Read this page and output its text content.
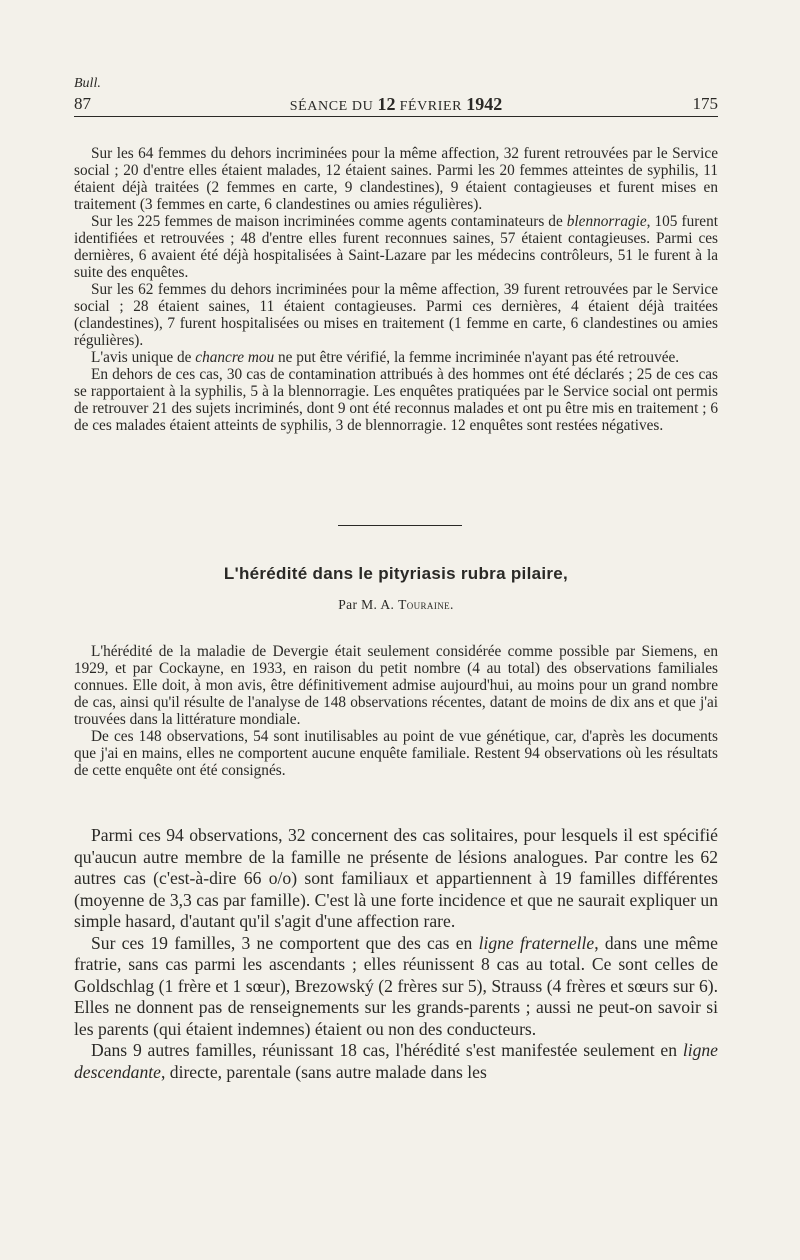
Bull.
87	SÉANCE DU 12 FÉVRIER 1942	175

Sur les 64 femmes du dehors incriminées pour la même affection, 32 furent retrouvées par le Service social ; 20 d'entre elles étaient malades, 12 étaient saines. Parmi les 20 femmes atteintes de syphilis, 11 étaient déjà traitées (2 femmes en carte, 9 clandestines), 9 étaient contagieuses et furent mises en traitement (3 femmes en carte, 6 clandestines ou amies régulières).

Sur les 225 femmes de maison incriminées comme agents contaminateurs de blennorragie, 105 furent identifiées et retrouvées ; 48 d'entre elles furent reconnues saines, 57 étaient contagieuses. Parmi ces dernières, 6 avaient été déjà hospitalisées à Saint-Lazare par les médecins contrôleurs, 51 le furent à la suite des enquêtes.

Sur les 62 femmes du dehors incriminées pour la même affection, 39 furent retrouvées par le Service social ; 28 étaient saines, 11 étaient contagieuses. Parmi ces dernières, 4 étaient déjà traitées (clandestines), 7 furent hospitalisées ou mises en traitement (1 femme en carte, 6 clandestines ou amies régulières).

L'avis unique de chancre mou ne put être vérifié, la femme incriminée n'ayant pas été retrouvée.

En dehors de ces cas, 30 cas de contamination attribués à des hommes ont été déclarés ; 25 de ces cas se rapportaient à la syphilis, 5 à la blennorragie. Les enquêtes pratiquées par le Service social ont permis de retrouver 21 des sujets incriminés, dont 9 ont été reconnus malades et ont pu être mis en traitement ; 6 de ces malades étaient atteints de syphilis, 3 de blennorragie. 12 enquêtes sont restées négatives.

L'hérédité dans le pityriasis rubra pilaire,
Par M. A. Touraine.

L'hérédité de la maladie de Devergie était seulement considérée comme possible par Siemens, en 1929, et par Cockayne, en 1933, en raison du petit nombre (4 au total) des observations familiales connues. Elle doit, à mon avis, être définitivement admise aujourd'hui, au moins pour un grand nombre de cas, ainsi qu'il résulte de l'analyse de 148 observations récentes, datant de moins de dix ans et que j'ai trouvées dans la littérature mondiale.

De ces 148 observations, 54 sont inutilisables au point de vue génétique, car, d'après les documents que j'ai en mains, elles ne comportent aucune enquête familiale. Restent 94 observations où les résultats de cette enquête ont été consignés.

Parmi ces 94 observations, 32 concernent des cas solitaires, pour lesquels il est spécifié qu'aucun autre membre de la famille ne présente de lésions analogues. Par contre les 62 autres cas (c'est-à-dire 66 o/o) sont familiaux et appartiennent à 19 familles différentes (moyenne de 3,3 cas par famille). C'est là une forte incidence et que ne saurait expliquer un simple hasard, d'autant qu'il s'agit d'une affection rare.

Sur ces 19 familles, 3 ne comportent que des cas en ligne fraternelle, dans une même fratrie, sans cas parmi les ascendants ; elles réunissent 8 cas au total. Ce sont celles de Goldschlag (1 frère et 1 sœur), Brezowský (2 frères sur 5), Strauss (4 frères et sœurs sur 6). Elles ne donnent pas de renseignements sur les grands-parents ; aussi ne peut-on savoir si les parents (qui étaient indemnes) étaient ou non des conducteurs.

Dans 9 autres familles, réunissant 18 cas, l'hérédité s'est manifestée seulement en ligne descendante, directe, parentale (sans autre malade dans les
